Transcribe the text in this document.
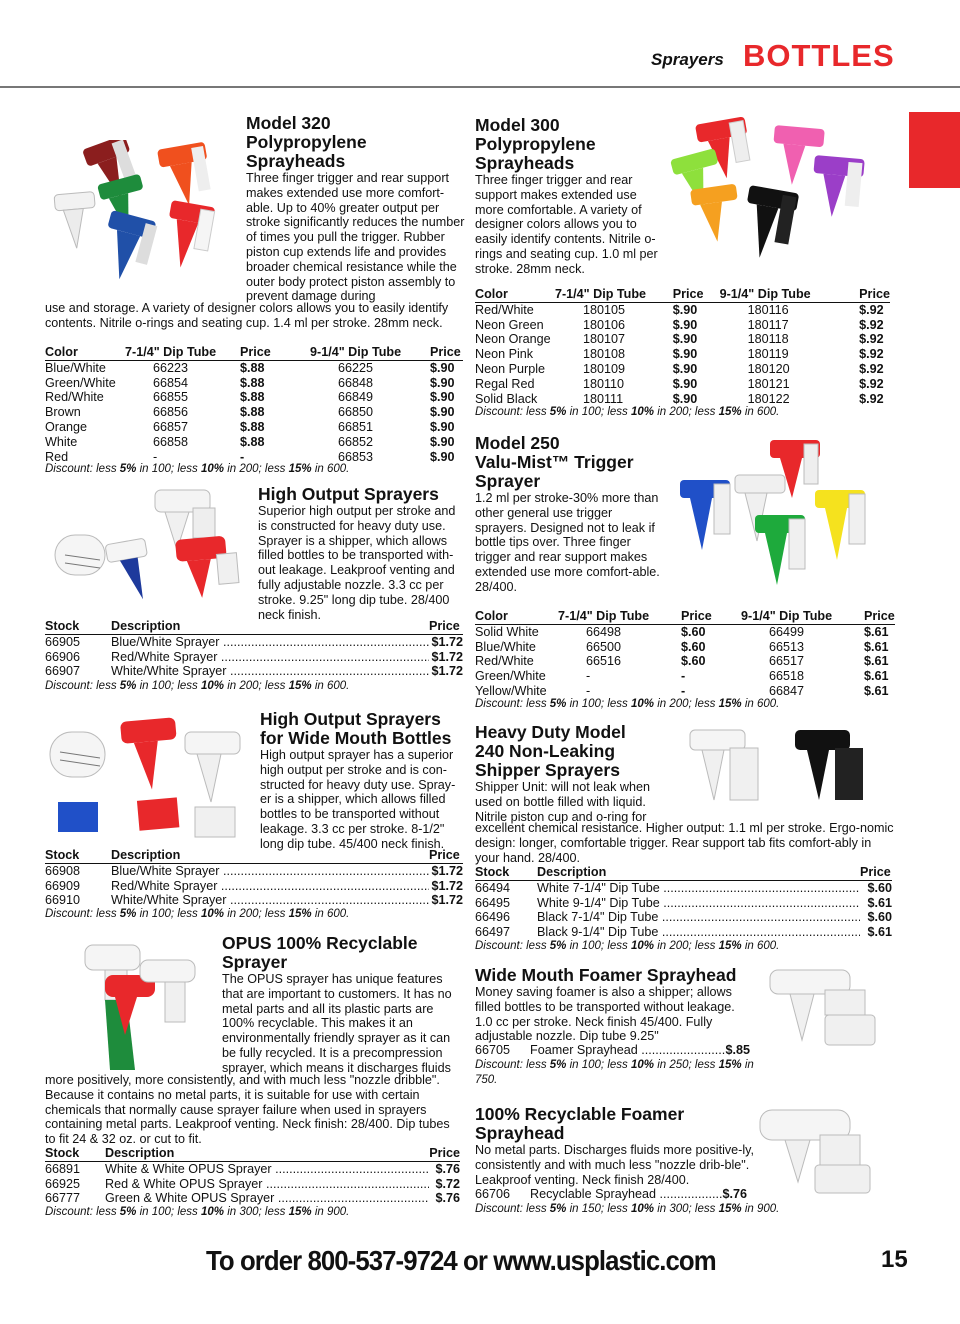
Sprayers BOTTLES
Model 320
Polypropylene
Sprayheads

Three finger trigger and rear support makes extended use more comfort-able. Up to 40% greater output per stroke significantly reduces the number of times you pull the trigger. Rubber piston cup extends life and provides broader chemical resistance while the outer body protect piston assembly to prevent damage during

use and storage. A variety of designer colors allows you to easily identify contents. Nitrile o-rings and seating cup. 1.4 ml per stroke. 28mm neck.

Color	7-1/4" Dip Tube	Price	9-1/4" Dip Tube	Price
Blue/White	66223	$.88	66225	$.90
Green/White	66854	$.88	66848	$.90
Red/White	66855	$.88	66849	$.90
Brown	66856	$.88	66850	$.90
Orange	66857	$.88	66851	$.90
White	66858	$.88	66852	$.90
Red	-	-	66853	$.90
Discount: less 5% in 100; less 10% in 200; less 15% in 600.
Model 300
Polypropylene
Sprayheads

Three finger trigger and rear support makes extended use more comfortable. A variety of designer colors allows you to easily identify contents. Nitrile o-rings and seating cup. 1.0 ml per stroke. 28mm neck.

Color	7-1/4" Dip Tube	Price	9-1/4" Dip Tube	Price
Red/White	180105	$.90	180116	$.92
Neon Green	180106	$.90	180117	$.92
Neon Orange	180107	$.90	180118	$.92
Neon Pink	180108	$.90	180119	$.92
Neon Purple	180109	$.90	180120	$.92
Regal Red	180110	$.90	180121	$.92
Solid Black	180111	$.90	180122	$.92
Discount: less 5% in 100; less 10% in 200; less 15% in 600.
High Output Sprayers

Superior high output per stroke and is constructed for heavy duty use. Sprayer is a shipper, which allows filled bottles to be transported with-out leakage. Leakproof venting and fully adjustable nozzle. 3.3 cc per stroke. 9.25" long dip tube. 28/400 neck finish.

Stock	Description	Price
66905	Blue/White Sprayer .....	$1.72
66906	Red/White Sprayer .....	$1.72
66907	White/White Sprayer .....	$1.72
Discount: less 5% in 100; less 10% in 200; less 15% in 600.
Model 250
Valu-Mist™ Trigger
Sprayer

1.2 ml per stroke-30% more than other general use trigger sprayers. Designed not to leak if bottle tips over. Three finger trigger and rear support makes extended use more comfort-able. 28/400.

Color	7-1/4" Dip Tube	Price	9-1/4" Dip Tube	Price
Solid White	66498	$.60	66499	$.61
Blue/White	66500	$.60	66513	$.61
Red/White	66516	$.60	66517	$.61
Green/White	-	-	66518	$.61
Yellow/White	-	-	66847	$.61
Discount: less 5% in 100; less 10% in 200; less 15% in 600.
High Output Sprayers
for Wide Mouth Bottles

High output sprayer has a superior high output per stroke and is con-structed for heavy duty use. Spray-er is a shipper, which allows filled bottles to be transported without leakage. 3.3 cc per stroke. 8-1/2" long dip tube. 45/400 neck finish.

Stock	Description	Price
66908	Blue/White Sprayer .....	$1.72
66909	Red/White Sprayer .....	$1.72
66910	White/White Sprayer .....	$1.72
Discount: less 5% in 100; less 10% in 200; less 15% in 600.
Heavy Duty Model
240 Non-Leaking
Shipper Sprayers

Shipper Unit: will not leak when used on bottle filled with liquid. Nitrile piston cup and o-ring for

excellent chemical resistance. Higher output: 1.1 ml per stroke. Ergo-nomic design: longer, comfortable trigger. Rear support tab fits comfort-ably in your hand. 28/400.

Stock	Description	Price
66494	White 7-1/4" Dip Tube .....	$.60
66495	White 9-1/4" Dip Tube .....	$.61
66496	Black 7-1/4" Dip Tube .....	$.60
66497	Black 9-1/4" Dip Tube .....	$.61
Discount: less 5% in 100; less 10% in 200; less 15% in 600.
OPUS 100% Recyclable
Sprayer

The OPUS sprayer has unique features that are important to customers. It has no metal parts and all its plastic parts are 100% recyclable. This makes it an environmentally friendly sprayer as it can be fully recycled. It is a precompression sprayer, which means it discharges fluids

more positively, more consistently, and with much less "nozzle dribble". Because it contains no metal parts, it is suitable for use with certain chemicals that normally cause sprayer failure when used in sprayers containing metal parts. Leakproof venting. Neck finish: 28/400. Dip tubes to fit 24 & 32 oz. or cut to fit.

Stock	Description	Price
66891	White & White OPUS Sprayer .....	$.76
66925	Red & White OPUS Sprayer .....	$.72
66777	Green & White OPUS Sprayer .....	$.76
Discount: less 5% in 100; less 10% in 300; less 15% in 900.
Wide Mouth Foamer Sprayhead

Money saving foamer is also a shipper; allows filled bottles to be transported without leakage. 1.0 cc per stroke. Neck finish 45/400. Fully adjustable nozzle. Dip tube 9.25"

66705	Foamer Sprayhead .....	$.85
Discount: less 5% in 100; less 10% in 250; less 15% in 750.
100% Recyclable Foamer
Sprayhead

No metal parts. Discharges fluids more positive-ly, consistently and with much less "nozzle drib-ble". Leakproof venting. Neck finish 28/400.

66706	Recyclable Sprayhead .....	$.76
Discount: less 5% in 150; less 10% in 300; less 15% in 900.
To order 800-537-9724 or www.usplastic.com	15
